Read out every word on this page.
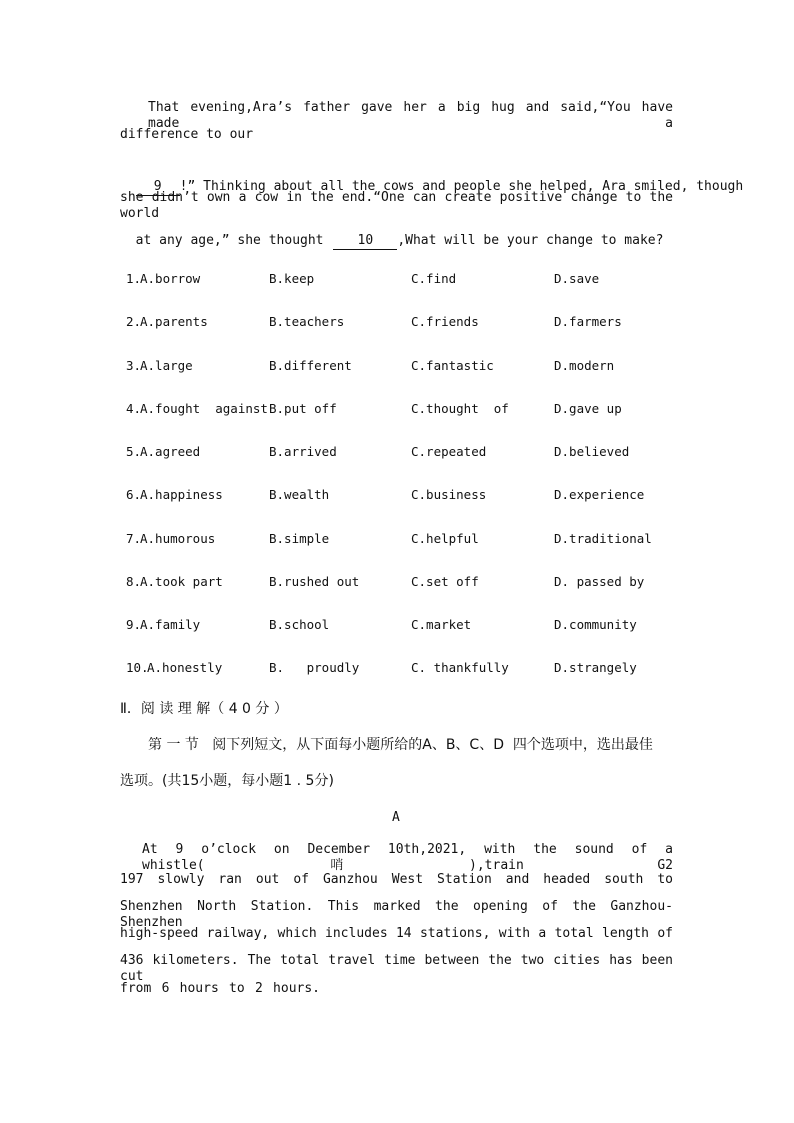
That evening,Ara’s father gave her a big hug and said,“You have made a
difference to our

9 !” Thinking about all the cows and people she helped, Ara smiled, though

she didn’t own a cow in the end.“One can create positive change to the world

at any age,” she thought	10 ,What will be your change to make?

1.
A.borrow	B.keep	C.find	D.save
2.
A.parents	B.teachers	C.friends	D.farmers
3.
A.large	B.different	C.fantastic	D.modern
4.
A.fought  against B.put off	C.thought  of	D.gave up
5.
A.agreed	B.arrived	C.repeated	D.believed
6.
A.happiness	B.wealth	C.business	D.experience
7.
A.humorous	B.simple	C.helpful	D.traditional
8.
A.took part	B.rushed out	C.set off	D. passed by
9.
A.family	B.school	C.market	D.community
10.
A.honestly	B.   proudly	C. thankfully	D.strangely
Ⅱ．阅 读 理 解（ 4 0 分 ）
第 一 节   阅下列短文，从下面每小题所给的A、B、C、D  四个选项中，选出最佳
选项。(共15小题，每小题1 . 5分)
A
At 9 o’clock on December 10th,2021, with the sound of a whistle(哨),train G2
197 slowly ran out of Ganzhou West Station and headed south to
Shenzhen North Station. This marked the opening of the Ganzhou-Shenzhen
high-speed railway, which includes 14 stations, with a total length of
436 kilometers. The total travel time between the two cities has been cut
from 6 hours to 2 hours.
